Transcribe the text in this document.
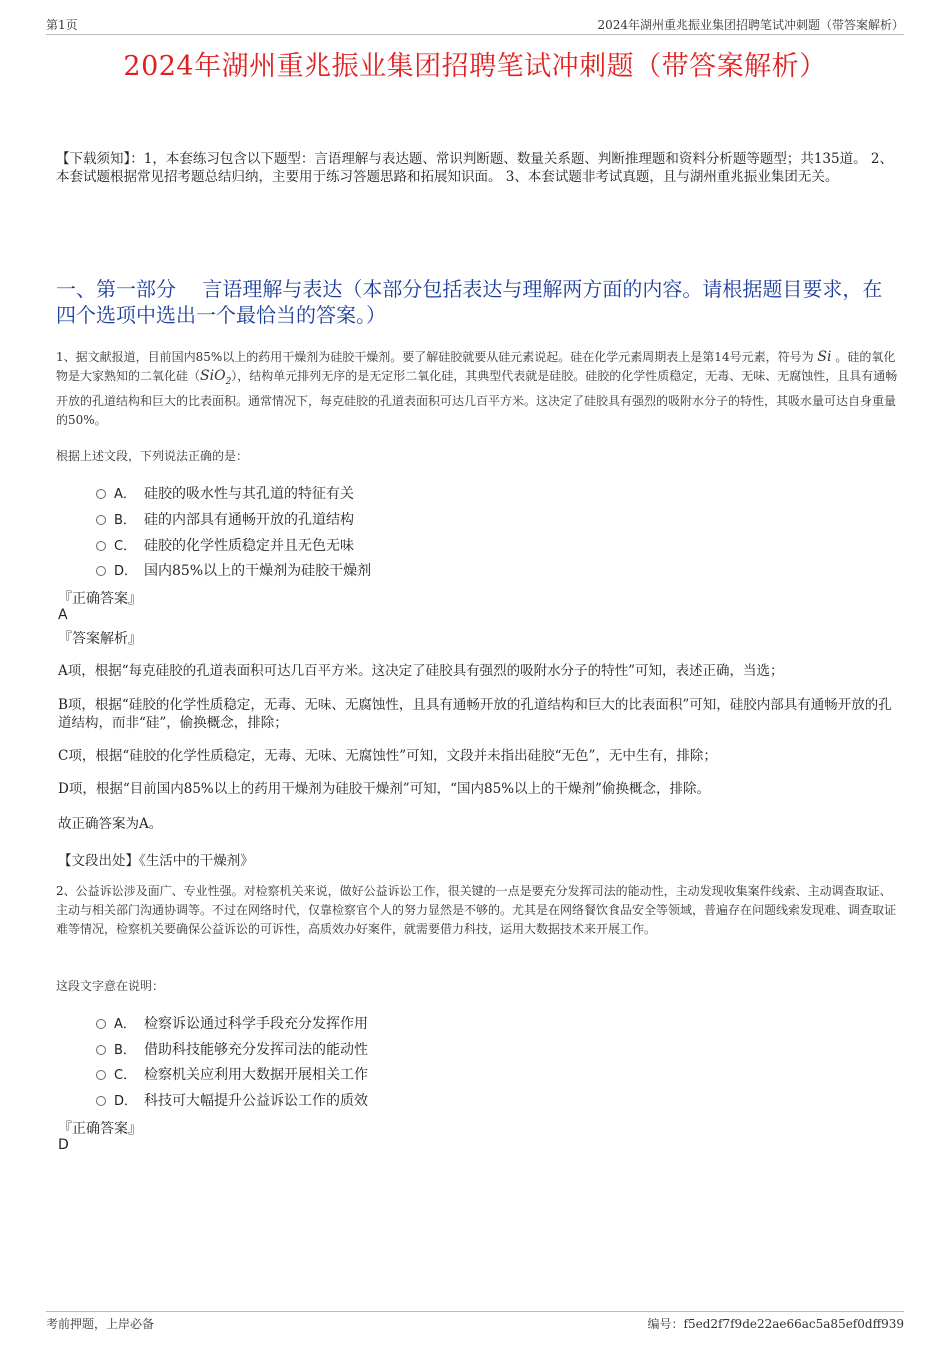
第1页	2024年湖州重兆振业集团招聘笔试冲刺题（带答案解析）
2024年湖州重兆振业集团招聘笔试冲刺题（带答案解析）
【下载须知】：1，本套练习包含以下题型：言语理解与表达题、常识判断题、数量关系题、判断推理题和资料分析题等题型；共135道。 2、本套试题根据常见招考题总结归纳，主要用于练习答题思路和拓展知识面。 3、本套试题非考试真题，且与湖州重兆振业集团无关。
一、第一部分　 言语理解与表达（本部分包括表达与理解两方面的内容。请根据题目要求，在四个选项中选出一个最恰当的答案。）
1、据文献报道，目前国内85%以上的药用干燥剂为硅胶干燥剂。要了解硅胶就要从硅元素说起。硅在化学元素周期表上是第14号元素，符号为 Si 。硅的氧化物是大家熟知的二氧化硅（SiO$_2$），结构单元排列无序的是无定形二氧化硅，其典型代表就是硅胶。硅胶的化学性质稳定，无毒、无味、无腐蚀性，且具有通畅开放的孔道结构和巨大的比表面积。通常情况下，每克硅胶的孔道表面积可达几百平方米。这决定了硅胶具有强烈的吸附水分子的特性，其吸水量可达自身重量的50%。
根据上述文段，下列说法正确的是：
A． 硅胶的吸水性与其孔道的特征有关
B． 硅的内部具有通畅开放的孔道结构
C． 硅胶的化学性质稳定并且无色无味
D． 国内85%以上的干燥剂为硅胶干燥剂
『正确答案』
A
『答案解析』
A项，根据“每克硅胶的孔道表面积可达几百平方米。这决定了硅胶具有强烈的吸附水分子的特性”可知，表述正确，当选；
B项，根据“硅胶的化学性质稳定，无毒、无味、无腐蚀性，且具有通畅开放的孔道结构和巨大的比表面积”可知，硅胶内部具有通畅开放的孔道结构，而非“硅”，偷换概念，排除；
C项，根据“硅胶的化学性质稳定，无毒、无味、无腐蚀性”可知，文段并未指出硅胶“无色”，无中生有，排除；
D项，根据“目前国内85%以上的药用干燥剂为硅胶干燥剂”可知，“国内85%以上的干燥剂”偷换概念，排除。
故正确答案为A。
【文段出处】《生活中的干燥剂》
2、公益诉讼涉及面广、专业性强。对检察机关来说，做好公益诉讼工作，很关键的一点是要充分发挥司法的能动性，主动发现收集案件线索、主动调查取证、主动与相关部门沟通协调等。不过在网络时代，仅靠检察官个人的努力显然是不够的。尤其是在网络餐饮食品安全等领域，普遍存在问题线索发现难、调查取证难等情况，检察机关要确保公益诉讼的可诉性，高质效办好案件，就需要借力科技，运用大数据技术来开展工作。
这段文字意在说明：
A． 检察诉讼通过科学手段充分发挥作用
B． 借助科技能够充分发挥司法的能动性
C． 检察机关应利用大数据开展相关工作
D． 科技可大幅提升公益诉讼工作的质效
『正确答案』
D
考前押题，上岸必备	编号：f5ed2f7f9de22ae66ac5a85ef0dff939
